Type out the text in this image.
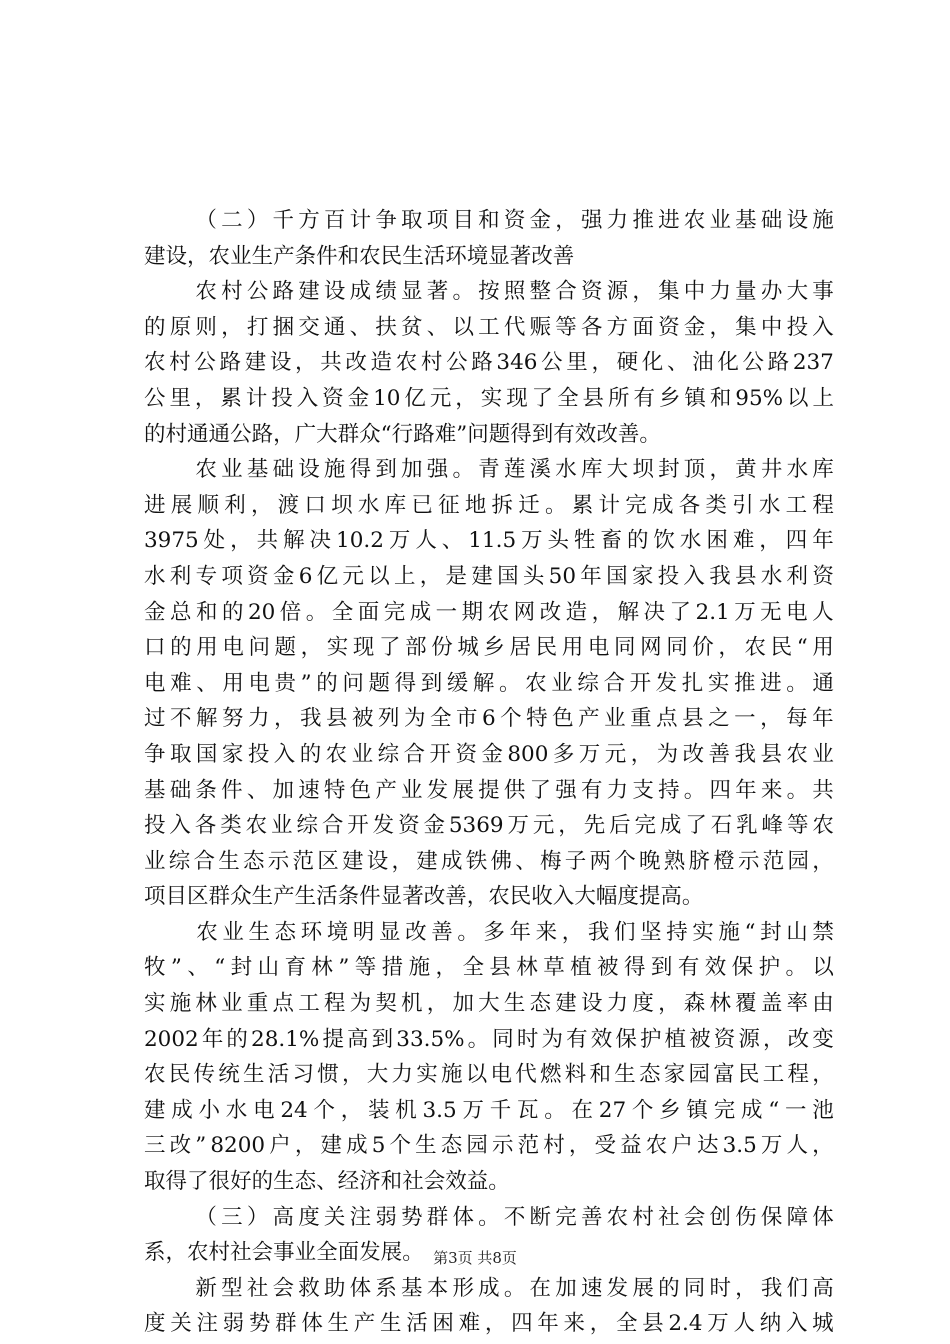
（ 二 ） 千 方 百 计 争 取 项 目 和 资 金 ， 强 力 推 进 农 业 基 础 设 施
建 设 ， 农 业 生 产 条 件 和 农 民 生 活 环 境 显 著 改 善

农 村 公 路 建 设 成 绩 显 著 。 按 照 整 合 资 源 ， 集 中 力 量 办 大 事
的 原 则 ， 打 捆 交 通 、 扶 贫 、 以 工 代 赈 等 各 方 面 资 金 ， 集 中 投 入
农 村 公 路 建 设 ， 共 改 造 农 村 公 路 346 公 里 ， 硬 化 、 油 化 公 路 237
公 里 ， 累 计 投 入 资 金 10 亿 元 ， 实 现 了 全 县 所 有 乡 镇 和 95% 以 上
的 村 通 通 公 路 ， 广 大 群 众 “ 行 路 难 ” 问 题 得 到 有 效 改 善 。

农 业 基 础 设 施 得 到 加 强 。 青 莲 溪 水 库 大 坝 封 顶 ， 黄 井 水 库
进 展 顺 利 ， 渡 口 坝 水 库 已 征 地 拆 迁 。 累 计 完 成 各 类 引 水 工 程
3975 处 ， 共 解 决 10.2 万 人 、 11.5 万 头 牲 畜 的 饮 水 困 难 ， 四 年
水 利 专 项 资 金 6 亿 元 以 上 ， 是 建 国 头 50 年 国 家 投 入 我 县 水 利 资
金 总 和 的 20 倍 。 全 面 完 成 一 期 农 网 改 造 ， 解 决 了 2.1 万 无 电 人
口 的 用 电 问 题 ， 实 现 了 部 份 城 乡 居 民 用 电 同 网 同 价 ， 农 民 “ 用
电 难 、 用 电 贵 ” 的 问 题 得 到 缓 解 。 农 业 综 合 开 发 扎 实 推 进 。 通
过 不 解 努 力 ， 我 县 被 列 为 全 市 6 个 特 色 产 业 重 点 县 之 一 ， 每 年
争 取 国 家 投 入 的 农 业 综 合 开 资 金 800 多 万 元 ， 为 改 善 我 县 农 业
基 础 条 件 、 加 速 特 色 产 业 发 展 提 供 了 强 有 力 支 持 。 四 年 来 。 共
投 入 各 类 农 业 综 合 开 发 资 金 5369 万 元 ， 先 后 完 成 了 石 乳 峰 等 农
业 综 合 生 态 示 范 区 建 设 ， 建 成 铁 佛 、 梅 子 两 个 晚 熟 脐 橙 示 范 园 ，
项 目 区 群 众 生 产 生 活 条 件 显 著 改 善 ， 农 民 收 入 大 幅 度 提 高 。

农 业 生 态 环 境 明 显 改 善 。 多 年 来 ， 我 们 坚 持 实 施 “ 封 山 禁
牧 ” 、 “ 封 山 育 林 ” 等 措 施 ， 全 县 林 草 植 被 得 到 有 效 保 护 。 以
实 施 林 业 重 点 工 程 为 契 机 ， 加 大 生 态 建 设 力 度 ， 森 林 覆 盖 率 由
2002 年 的 28.1% 提 高 到 33.5% 。 同 时 为 有 效 保 护 植 被 资 源 ， 改 变
农 民 传 统 生 活 习 惯 ， 大 力 实 施 以 电 代 燃 料 和 生 态 家 园 富 民 工 程 ，
建 成 小 水 电 24 个 ， 装 机 3.5 万 千 瓦 。 在 27 个 乡 镇 完 成 “ 一 池
三 改 ” 8200 户 ， 建 成 5 个 生 态 园 示 范 村 ， 受 益 农 户 达 3.5 万 人 ，
取 得 了 很 好 的 生 态 、 经 济 和 社 会 效 益 。

（ 三 ） 高 度 关 注 弱 势 群 体 。 不 断 完 善 农 村 社 会 创 伤 保 障 体
系 ， 农 村 社 会 事 业 全 面 发 展 。

新 型 社 会 救 助 体 系 基 本 形 成 。 在 加 速 发 展 的 同 时 ， 我 们 高
度 关 注 弱 势 群 体 生 产 生 活 困 难 ， 四 年 来 ， 全 县 2.4 万 人 纳 入 城
第3页 共8页
